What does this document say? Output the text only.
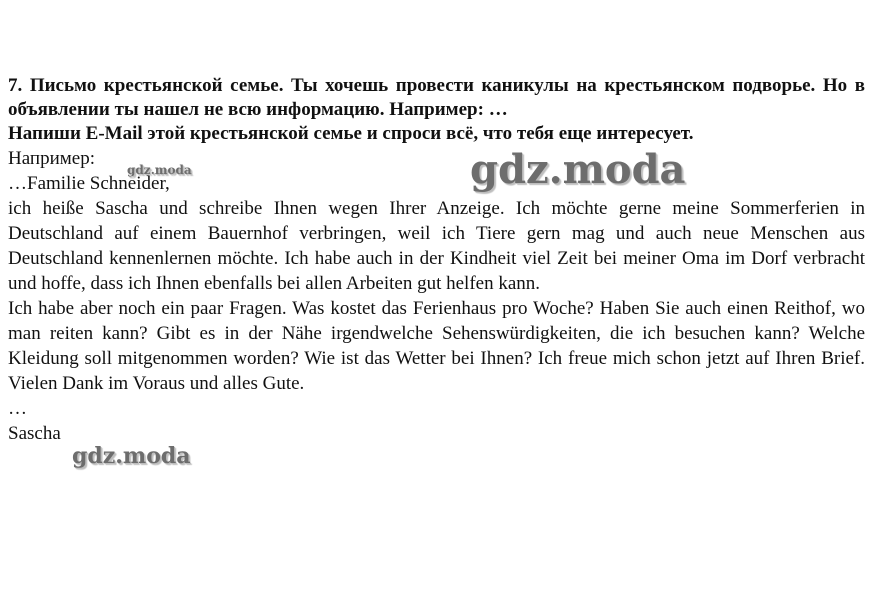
7. Письмо крестьянской семье. Ты хочешь провести каникулы на крестьянском подворье. Но в объявлении ты нашел не всю информацию. Например: …

Напиши E-Mail этой крестьянской семье и спроси всё, что тебя еще интересует.

Например:

…Familie Schneider,

ich heiße Sascha und schreibe Ihnen wegen Ihrer Anzeige. Ich möchte gerne meine Sommerferien in Deutschland auf einem Bauernhof verbringen, weil ich Tiere gern mag und auch neue Menschen aus Deutschland kennenlernen möchte. Ich habe auch in der Kindheit viel Zeit bei meiner Oma im Dorf verbracht und hoffe, dass ich Ihnen ebenfalls bei allen Arbeiten gut helfen kann.

Ich habe aber noch ein paar Fragen. Was kostet das Ferienhaus pro Woche? Haben Sie auch einen Reithof, wo man reiten kann? Gibt es in der Nähe irgendwelche Sehenswürdigkeiten, die ich besuchen kann? Welche Kleidung soll mitgenommen worden? Wie ist das Wetter bei Ihnen? Ich freue mich schon jetzt auf Ihren Brief. Vielen Dank im Voraus und alles Gute.

…

Sascha

gdz.moda	gdz.moda
gdz.moda
